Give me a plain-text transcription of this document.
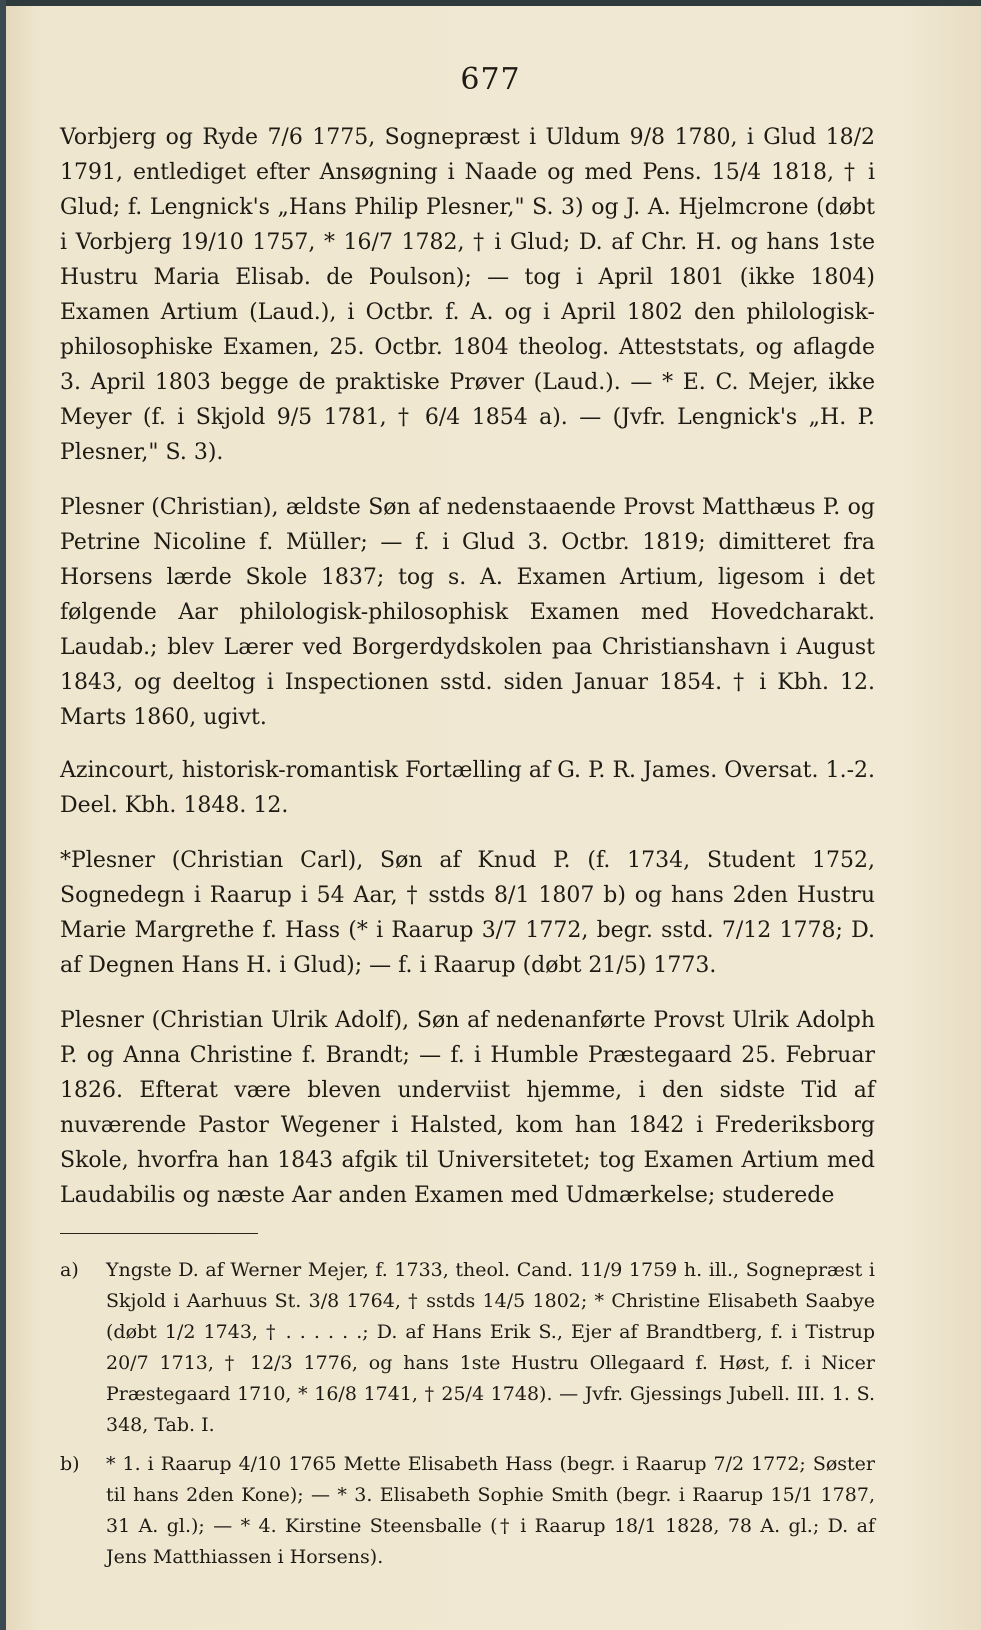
677

Vorbjerg og Ryde 7/6 1775, Sognepræst i Uldum 9/8 1780, i Glud 18/2 1791, entlediget efter Ansøgning i Naade og med Pens. 15/4 1818, † i Glud; f. Lengnick's „Hans Philip Plesner," S. 3) og J. A. Hjelmcrone (døbt i Vorbjerg 19/10 1757, * 16/7 1782, † i Glud; D. af Chr. H. og hans 1ste Hustru Maria Elisab. de Poulson); — tog i April 1801 (ikke 1804) Examen Artium (Laud.), i Octbr. f. A. og i April 1802 den philologisk-philosophiske Examen, 25. Octbr. 1804 theolog. Atteststats, og aflagde 3. April 1803 begge de praktiske Prøver (Laud.). — * E. C. Mejer, ikke Meyer (f. i Skjold 9/5 1781, † 6/4 1854 a). — (Jvfr. Lengnick's „H. P. Plesner," S. 3).

Plesner (Christian), ældste Søn af nedenstaaende Provst Matthæus P. og Petrine Nicoline f. Müller; — f. i Glud 3. Octbr. 1819; dimitteret fra Horsens lærde Skole 1837; tog s. A. Examen Artium, ligesom i det følgende Aar philologisk-philosophisk Examen med Hovedcharakt. Laudab.; blev Lærer ved Borgerdydskolen paa Christianshavn i August 1843, og deeltog i Inspectionen sstd. siden Januar 1854. † i Kbh. 12. Marts 1860, ugivt.

Azincourt, historisk-romantisk Fortælling af G. P. R. James. Oversat. 1.-2. Deel. Kbh. 1848. 12.

*Plesner (Christian Carl), Søn af Knud P. (f. 1734, Student 1752, Sognedegn i Raarup i 54 Aar, † sstds 8/1 1807 b) og hans 2den Hustru Marie Margrethe f. Hass (* i Raarup 3/7 1772, begr. sstd. 7/12 1778; D. af Degnen Hans H. i Glud); — f. i Raarup (døbt 21/5) 1773.

Plesner (Christian Ulrik Adolf), Søn af nedenanførte Provst Ulrik Adolph P. og Anna Christine f. Brandt; — f. i Humble Præstegaard 25. Februar 1826. Efterat være bleven underviist hjemme, i den sidste Tid af nuværende Pastor Wegener i Halsted, kom han 1842 i Frederiksborg Skole, hvorfra han 1843 afgik til Universitetet; tog Examen Artium med Laudabilis og næste Aar anden Examen med Udmærkelse; studerede

a)	Yngste D. af Werner Mejer, f. 1733, theol. Cand. 11/9 1759 h. ill., Sognepræst i Skjold i Aarhuus St. 3/8 1764, † sstds 14/5 1802; * Christine Elisabeth Saabye (døbt 1/2 1743, † . . . . . .; D. af Hans Erik S., Ejer af Brandtberg, f. i Tistrup 20/7 1713, † 12/3 1776, og hans 1ste Hustru Ollegaard f. Høst, f. i Nicer Præstegaard 1710, * 16/8 1741, † 25/4 1748). — Jvfr. Gjessings Jubell. III. 1. S. 348, Tab. I.
b)	* 1. i Raarup 4/10 1765 Mette Elisabeth Hass (begr. i Raarup 7/2 1772; Søster til hans 2den Kone); — * 3. Elisabeth Sophie Smith (begr. i Raarup 15/1 1787, 31 A. gl.); — * 4. Kirstine Steensballe († i Raarup 18/1 1828, 78 A. gl.; D. af Jens Matthiassen i Horsens).
